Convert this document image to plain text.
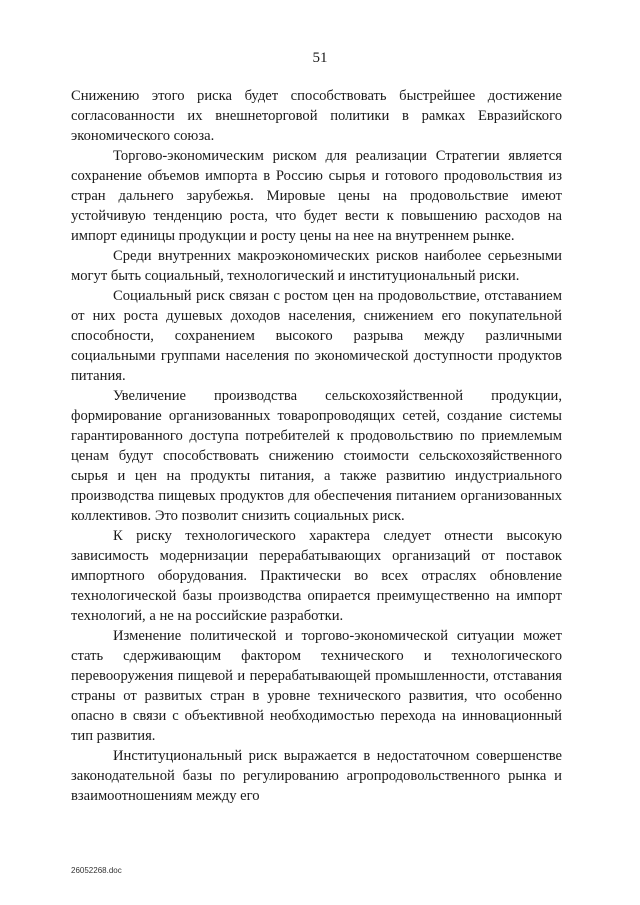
51

Снижению этого риска будет способствовать быстрейшее достижение согласованности их внешнеторговой политики в рамках Евразийского экономического союза.

Торгово-экономическим риском для реализации Стратегии является сохранение объемов импорта в Россию сырья и готового продовольствия из стран дальнего зарубежья. Мировые цены на продовольствие имеют устойчивую тенденцию роста, что будет вести к повышению расходов на импорт единицы продукции и росту цены на нее на внутреннем рынке.

Среди внутренних макроэкономических рисков наиболее серьезными могут быть социальный, технологический и институциональный риски.

Социальный риск связан с ростом цен на продовольствие, отставанием от них роста душевых доходов населения, снижением его покупательной способности, сохранением высокого разрыва между различными социальными группами населения по экономической доступности продуктов питания.

Увеличение производства сельскохозяйственной продукции, формирование организованных товаропроводящих сетей, создание системы гарантированного доступа потребителей к продовольствию по приемлемым ценам будут способствовать снижению стоимости сельскохозяйственного сырья и цен на продукты питания, а также развитию индустриального производства пищевых продуктов для обеспечения питанием организованных коллективов. Это позволит снизить социальных риск.

К риску технологического характера следует отнести высокую зависимость модернизации перерабатывающих организаций от поставок импортного оборудования. Практически во всех отраслях обновление технологической базы производства опирается преимущественно на импорт технологий, а не на российские разработки.

Изменение политической и торгово-экономической ситуации может стать сдерживающим фактором технического и технологического перевооружения пищевой и перерабатывающей промышленности, отставания страны от развитых стран в уровне технического развития, что особенно опасно в связи с объективной необходимостью перехода на инновационный тип развития.

Институциональный риск выражается в недостаточном совершенстве законодательной базы по регулированию агропродовольственного рынка и взаимоотношениям между его

26052268.doc
